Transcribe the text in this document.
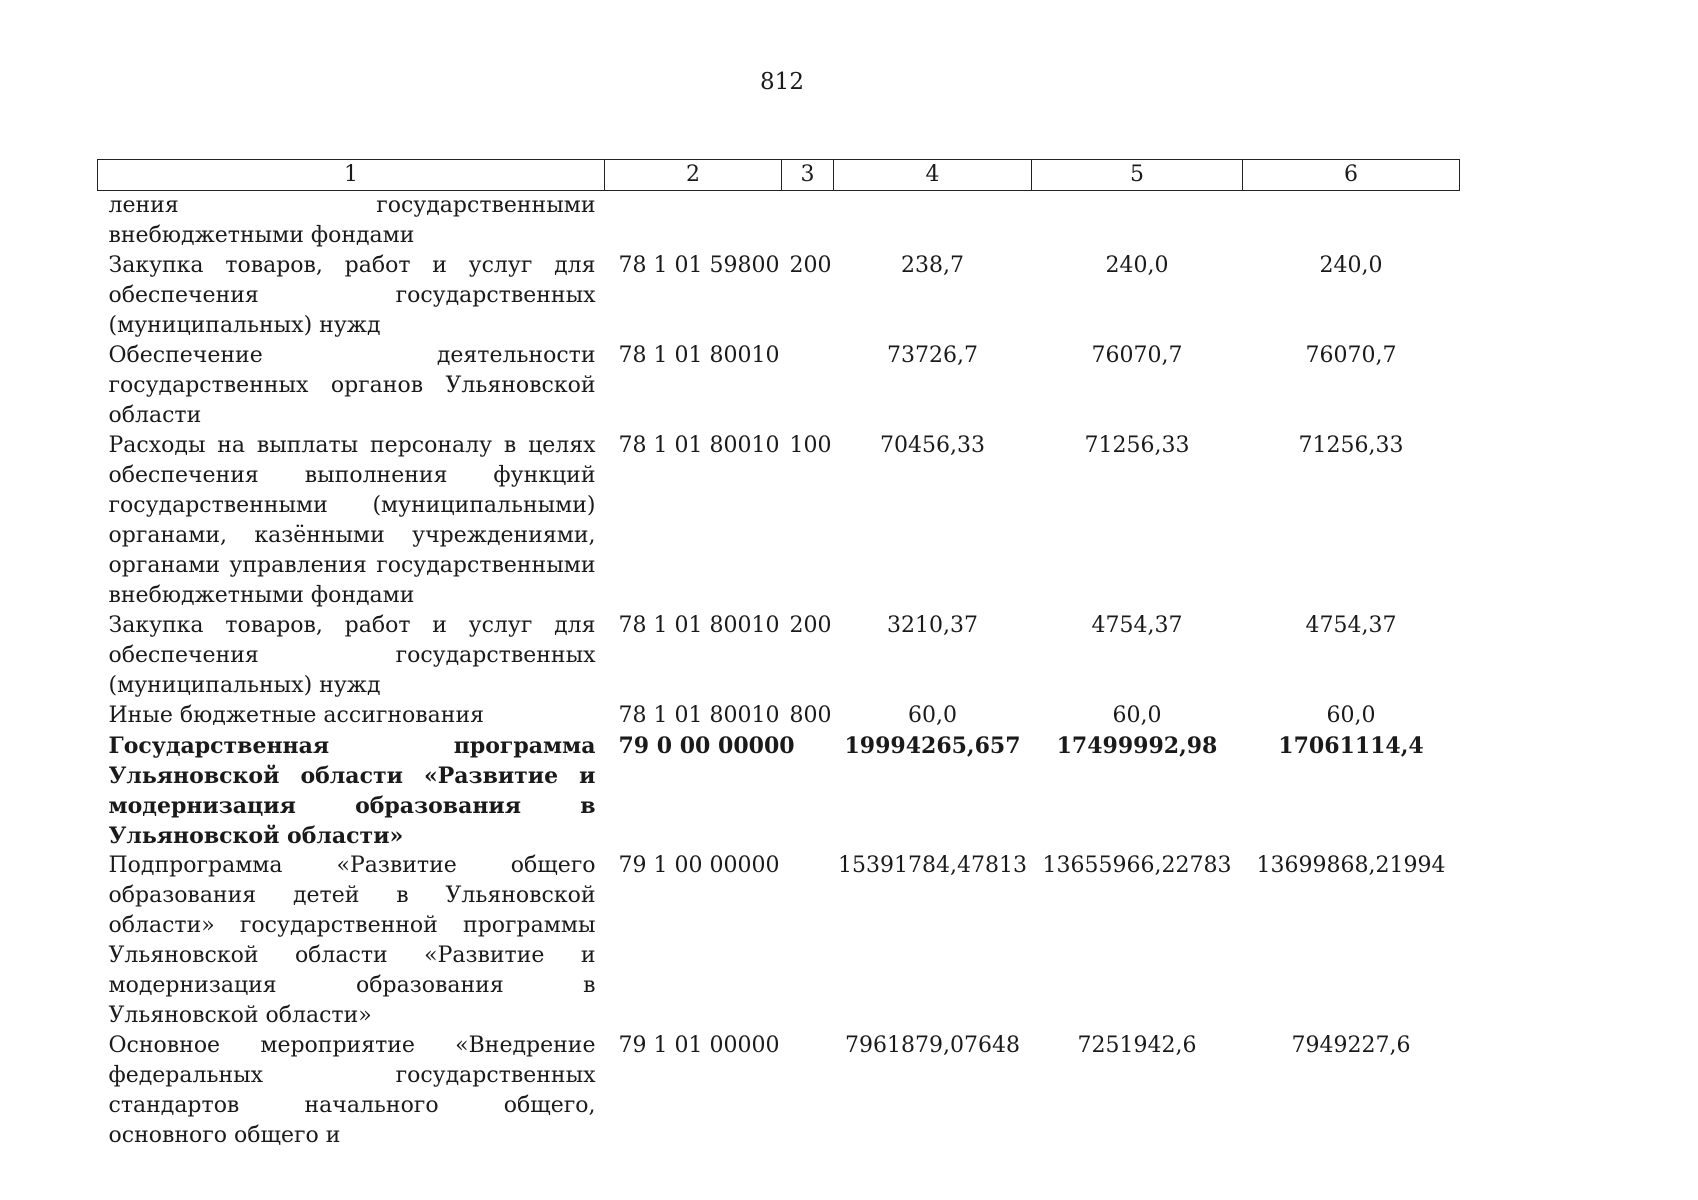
812
1	2	3	4	5	6
ления государственными внебюджетными фондами					
Закупка товаров, работ и услуг для обеспечения государственных (муниципальных) нужд	78 1 01 59800	200	238,7	240,0	240,0
Обеспечение деятельности государственных органов Ульяновской области	78 1 01 80010		73726,7	76070,7	76070,7
Расходы на выплаты персоналу в целях обеспечения выполнения функций государственными (муниципальными) органами, казёнными учреждениями, органами управления государственными внебюджетными фондами	78 1 01 80010	100	70456,33	71256,33	71256,33
Закупка товаров, работ и услуг для обеспечения государственных (муниципальных) нужд	78 1 01 80010	200	3210,37	4754,37	4754,37
Иные бюджетные ассигнования	78 1 01 80010	800	60,0	60,0	60,0
Государственная программа Ульяновской области «Развитие и модернизация образования в Ульяновской области»	79 0 00 00000		19994265,657	17499992,98	17061114,4
Подпрограмма «Развитие общего образования детей в Ульяновской области» государственной программы Ульяновской области «Развитие и модернизация образования в Ульяновской области»	79 1 00 00000		15391784,47813	13655966,22783	13699868,21994
Основное мероприятие «Внедрение федеральных государственных стандартов начального общего, основного общего и	79 1 01 00000		7961879,07648	7251942,6	7949227,6
